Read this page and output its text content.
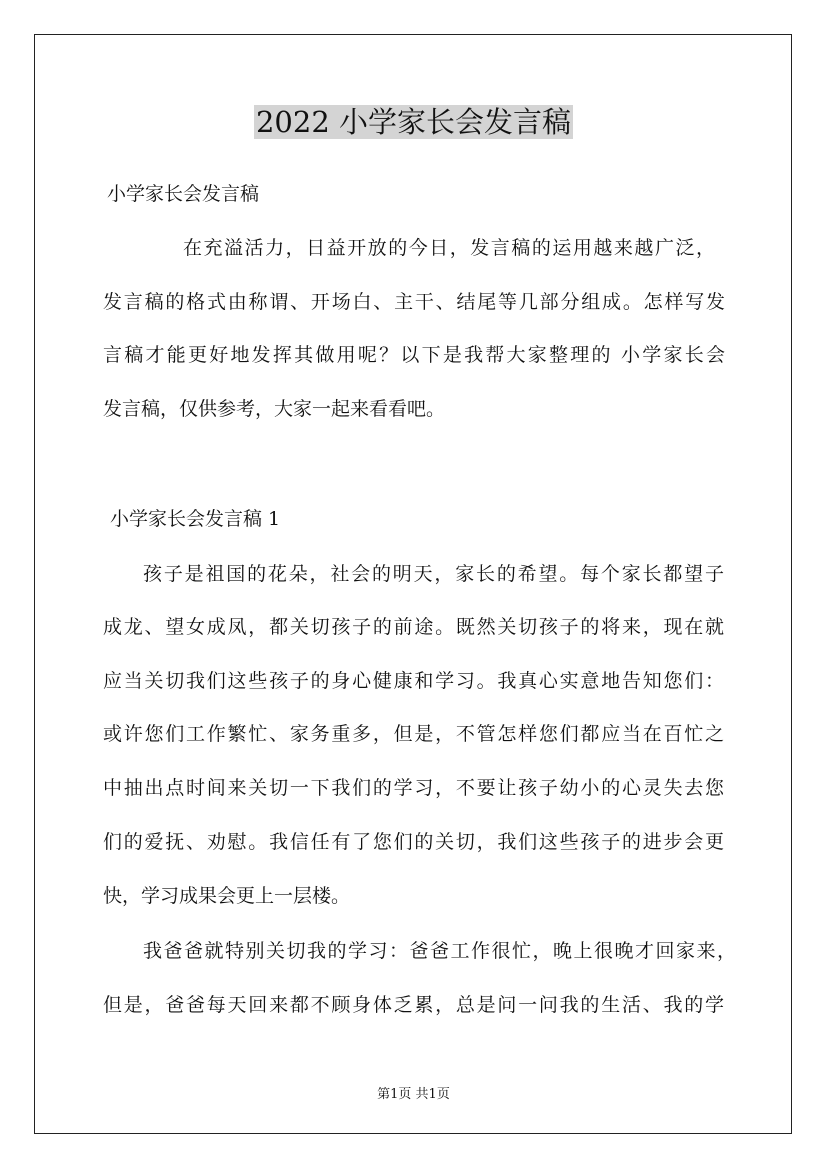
2022 小学家长会发言稿
小学家长会发言稿
在充溢活力，日益开放的今日，发言稿的运用越来越广泛，
发言稿的格式由称谓、开场白、主干、结尾等几部分组成。怎样写发
言稿才能更好地发挥其做用呢？以下是我帮大家整理的 小学家长会
发言稿，仅供参考，大家一起来看看吧。
小学家长会发言稿 1
孩子是祖国的花朵，社会的明天，家长的希望。每个家长都望子
成龙、望女成凤，都关切孩子的前途。既然关切孩子的将来，现在就
应当关切我们这些孩子的身心健康和学习。我真心实意地告知您们：
或许您们工作繁忙、家务重多，但是，不管怎样您们都应当在百忙之
中抽出点时间来关切一下我们的学习，不要让孩子幼小的心灵失去您
们的爱抚、劝慰。我信任有了您们的关切，我们这些孩子的进步会更
快，学习成果会更上一层楼。
我爸爸就特别关切我的学习：爸爸工作很忙，晚上很晚才回家来，
但是，爸爸每天回来都不顾身体乏累，总是问一问我的生活、我的学
第1页 共1页
